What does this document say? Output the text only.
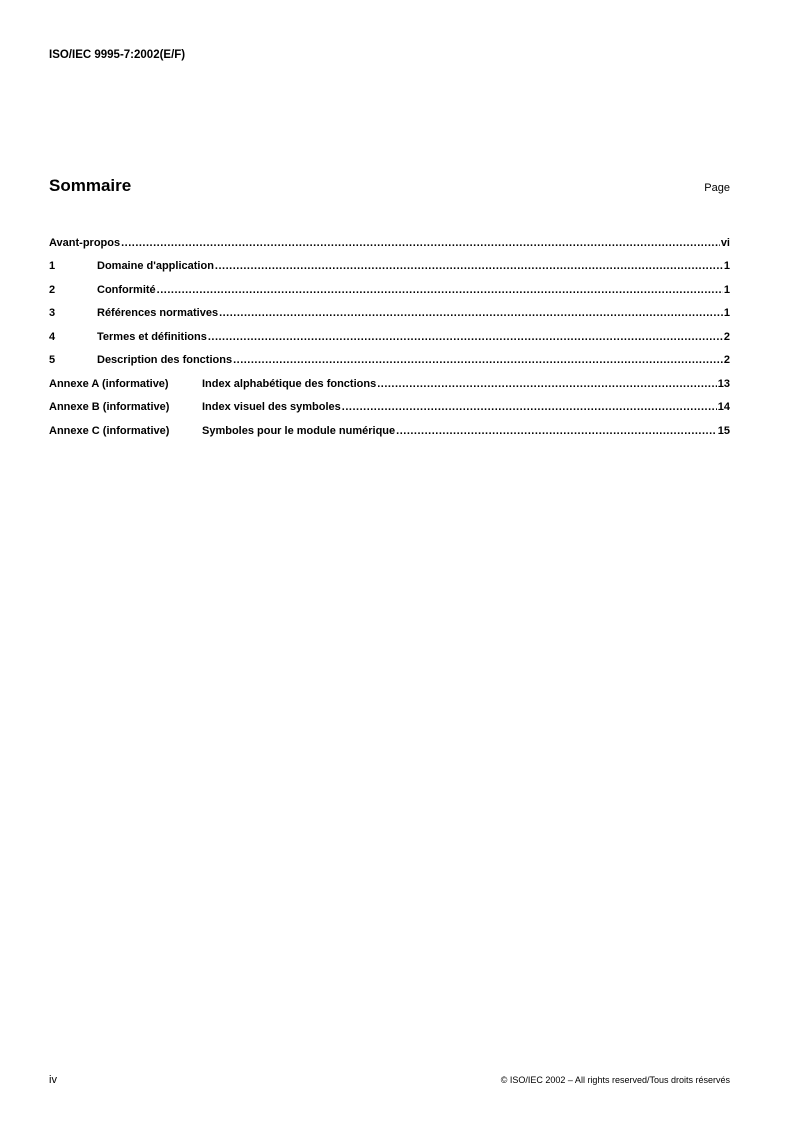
ISO/IEC 9995-7:2002(E/F)
Sommaire	Page
Avant-propos .....	vi
1	Domaine d'application .....	1
2	Conformité .....	1
3	Références normatives .....	1
4	Termes et définitions .....	2
5	Description des fonctions .....	2
Annexe A (informative)	Index alphabétique des fonctions .....	13
Annexe B (informative)	Index visuel des symboles .....	14
Annexe C (informative)	Symboles pour le module numérique .....	15
iv	© ISO/IEC 2002 – All rights reserved/Tous droits réservés
